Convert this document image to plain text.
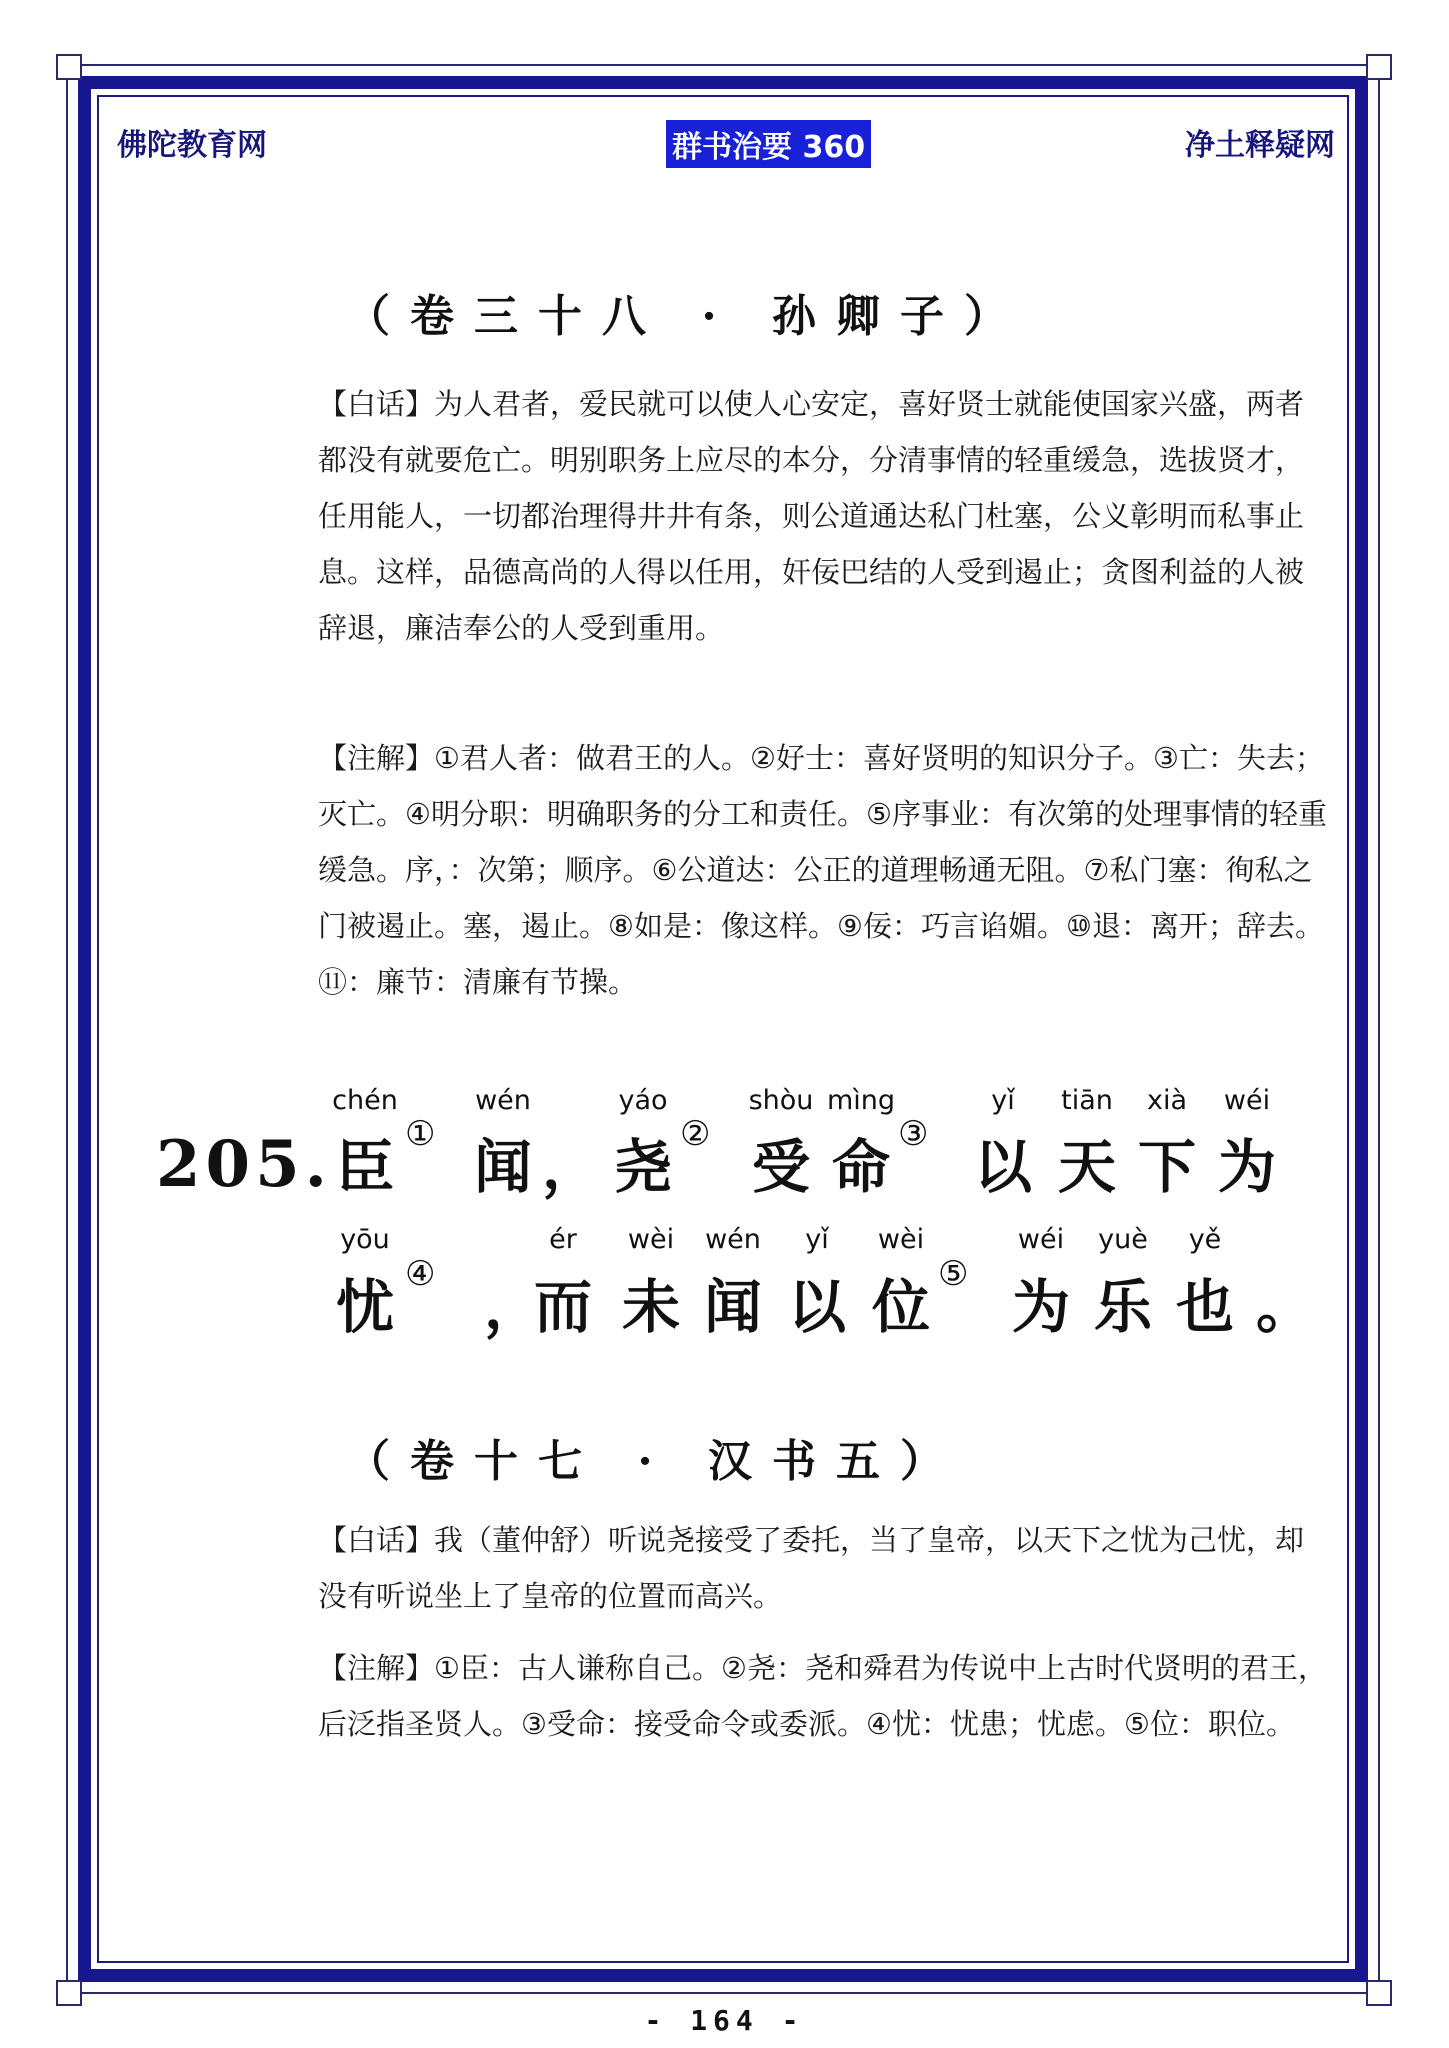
佛陀教育网	群书治要 360	净土释疑网
（卷三十八 · 孙卿子）
【白话】为人君者，爱民就可以使人心安定，喜好贤士就能使国家兴盛，两者都没有就要危亡。明别职务上应尽的本分，分清事情的轻重缓急，选拔贤才，任用能人，一切都治理得井井有条，则公道通达私门杜塞，公义彰明而私事止息。这样，品德高尚的人得以任用，奸佞巴结的人受到遏止；贪图利益的人被辞退，廉洁奉公的人受到重用。
【注解】①君人者：做君王的人。②好士：喜好贤明的知识分子。③亡：失去；灭亡。④明分职：明确职务的分工和责任。⑤序事业：有次第的处理事情的轻重缓急。序，：次第；顺序。⑥公道达：公正的道理畅通无阻。⑦私门塞：徇私之门被遏止。塞，遏止。⑧如是：像这样。⑨佞：巧言谄媚。⑩退：离开；辞去。⑪：廉节：清廉有节操。
205.
chén
臣 ①
wén
闻 ，
yáo
尧 ②
shòu
受
mìng
命 ③
yǐ
以
tiān
天
xià
下
wéi
为
yōu
忧 ④ ，
ér
而
wèi
未
wén
闻
yǐ
以
wèi
位 ⑤
wéi
为
yuè
乐
yě
也 。
（卷十七 · 汉书五）
【白话】我（董仲舒）听说尧接受了委托，当了皇帝，以天下之忧为己忧，却没有听说坐上了皇帝的位置而高兴。
【注解】①臣：古人谦称自己。②尧：尧和舜君为传说中上古时代贤明的君王，后泛指圣贤人。③受命：接受命令或委派。④忧：忧患；忧虑。⑤位：职位。
- 164 -
